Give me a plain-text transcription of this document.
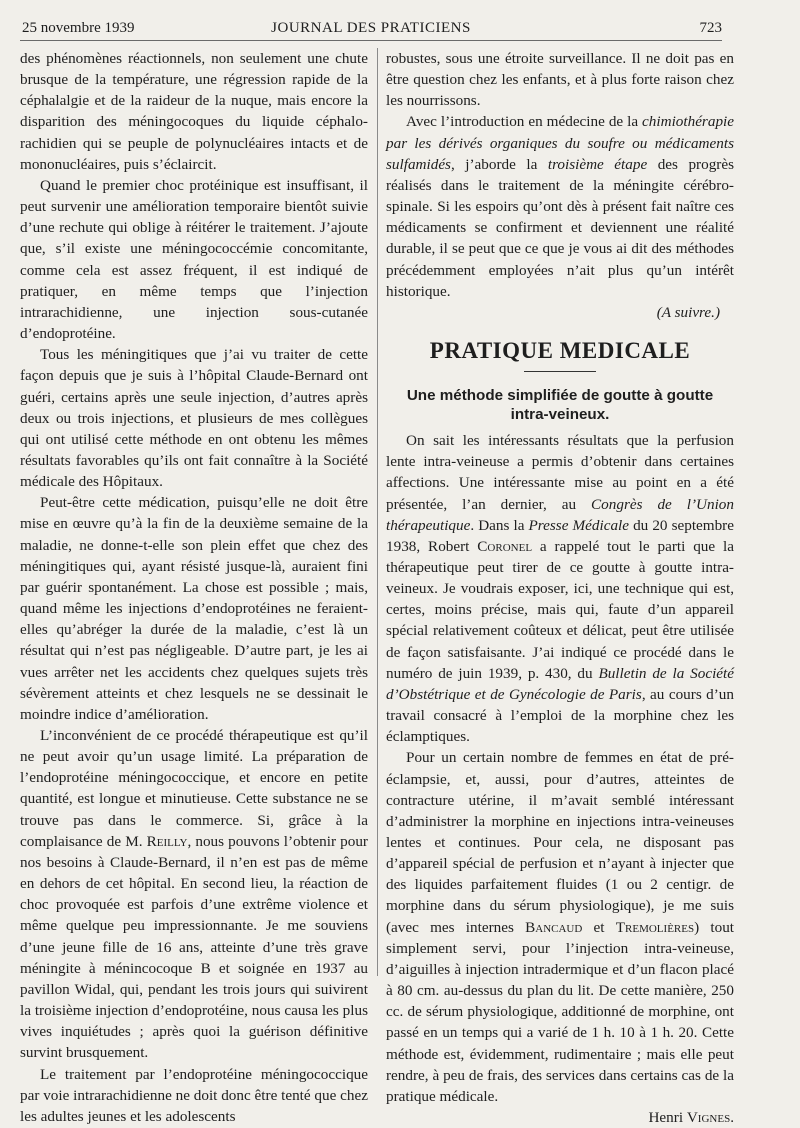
25 novembre 1939	JOURNAL DES PRATICIENS	723

des phénomènes réactionnels, non seulement une chute brusque de la température, une régression rapide de la céphalalgie et de la raideur de la nuque, mais encore la disparition des méningocoques du liquide céphalo-rachidien qui se peuple de polynucléaires intacts et de mononucléaires, puis s’éclaircit.

Quand le premier choc protéinique est insuffisant, il peut survenir une amélioration temporaire bientôt suivie d’une rechute qui oblige à réitérer le traitement. J’ajoute que, s’il existe une méningococcémie concomitante, comme cela est assez fréquent, il est indiqué de pratiquer, en même temps que l’injection intrarachidienne, une injection sous-cutanée d’endoprotéine.

Tous les méningitiques que j’ai vu traiter de cette façon depuis que je suis à l’hôpital Claude-Bernard ont guéri, certains après une seule injection, d’autres après deux ou trois injections, et plusieurs de mes collègues qui ont utilisé cette méthode en ont obtenu les mêmes résultats favorables qu’ils ont fait connaître à la Société médicale des Hôpitaux.

Peut-être cette médication, puisqu’elle ne doit être mise en œuvre qu’à la fin de la deuxième semaine de la maladie, ne donne-t-elle son plein effet que chez des méningitiques qui, ayant résisté jusque-là, auraient fini par guérir spontanément. La chose est possible ; mais, quand même les injections d’endoprotéines ne feraient-elles qu’abréger la durée de la maladie, c’est là un résultat qui n’est pas négligeable. D’autre part, je les ai vues arrêter net les accidents chez quelques sujets très sévèrement atteints et chez lesquels ne se dessinait le moindre indice d’amélioration.

L’inconvénient de ce procédé thérapeutique est qu’il ne peut avoir qu’un usage limité. La préparation de l’endoprotéine méningococcique, et encore en petite quantité, est longue et minutieuse. Cette substance ne se trouve pas dans le commerce. Si, grâce à la complaisance de M. Reilly, nous pouvons l’obtenir pour nos besoins à Claude-Bernard, il n’en est pas de même en dehors de cet hôpital. En second lieu, la réaction de choc provoquée est parfois d’une extrême violence et même quelque peu impressionnante. Je me souviens d’une jeune fille de 16 ans, atteinte d’une très grave méningite à ménincocoque B et soignée en 1937 au pavillon Widal, qui, pendant les trois jours qui suivirent la troisième injection d’endoprotéine, nous causa les plus vives inquiétudes ; après quoi la guérison définitive survint brusquement.

Le traitement par l’endoprotéine méningococcique par voie intrarachidienne ne doit donc être tenté que chez les adultes jeunes et les adolescents

robustes, sous une étroite surveillance. Il ne doit pas en être question chez les enfants, et à plus forte raison chez les nourrissons.

Avec l’introduction en médecine de la chimiothérapie par les dérivés organiques du soufre ou médicaments sulfamidés, j’aborde la troisième étape des progrès réalisés dans le traitement de la méningite cérébro-spinale. Si les espoirs qu’ont dès à présent fait naître ces médicaments se confirment et deviennent une réalité durable, il se peut que ce que je vous ai dit des méthodes précédemment employées n’ait plus qu’un intérêt historique.

(A suivre.)

PRATIQUE MEDICALE
Une méthode simplifiée de goutte à goutte intra-veineux.

On sait les intéressants résultats que la perfusion lente intra-veineuse a permis d’obtenir dans certaines affections. Une intéressante mise au point en a été présentée, l’an dernier, au Congrès de l’Union thérapeutique. Dans la Presse Médicale du 20 septembre 1938, Robert Coronel a rappelé tout le parti que la thérapeutique peut tirer de ce goutte à goutte intra-veineux. Je voudrais exposer, ici, une technique qui est, certes, moins précise, mais qui, faute d’un appareil spécial relativement coûteux et délicat, peut être utilisée de façon satisfaisante. J’ai indiqué ce procédé dans le numéro de juin 1939, p. 430, du Bulletin de la Société d’Obstétrique et de Gynécologie de Paris, au cours d’un travail consacré à l’emploi de la morphine chez les éclamptiques.

Pour un certain nombre de femmes en état de pré-éclampsie, et, aussi, pour d’autres, atteintes de contracture utérine, il m’avait semblé intéressant d’administrer la morphine en injections intra-veineuses lentes et continues. Pour cela, ne disposant pas d’appareil spécial de perfusion et n’ayant à injecter que des liquides parfaitement fluides (1 ou 2 centigr. de morphine dans du sérum physiologique), je me suis (avec mes internes Bancaud et Tremolières) tout simplement servi, pour l’injection intra-veineuse, d’aiguilles à injection intradermique et d’un flacon placé à 80 cm. au-dessus du plan du lit. De cette manière, 250 cc. de sérum physiologique, additionné de morphine, ont passé en un temps qui a varié de 1 h. 10 à 1 h. 20. Cette méthode est, évidemment, rudimentaire ; mais elle peut rendre, à peu de frais, des services dans certains cas de la pratique médicale.

Henri Vignes.
